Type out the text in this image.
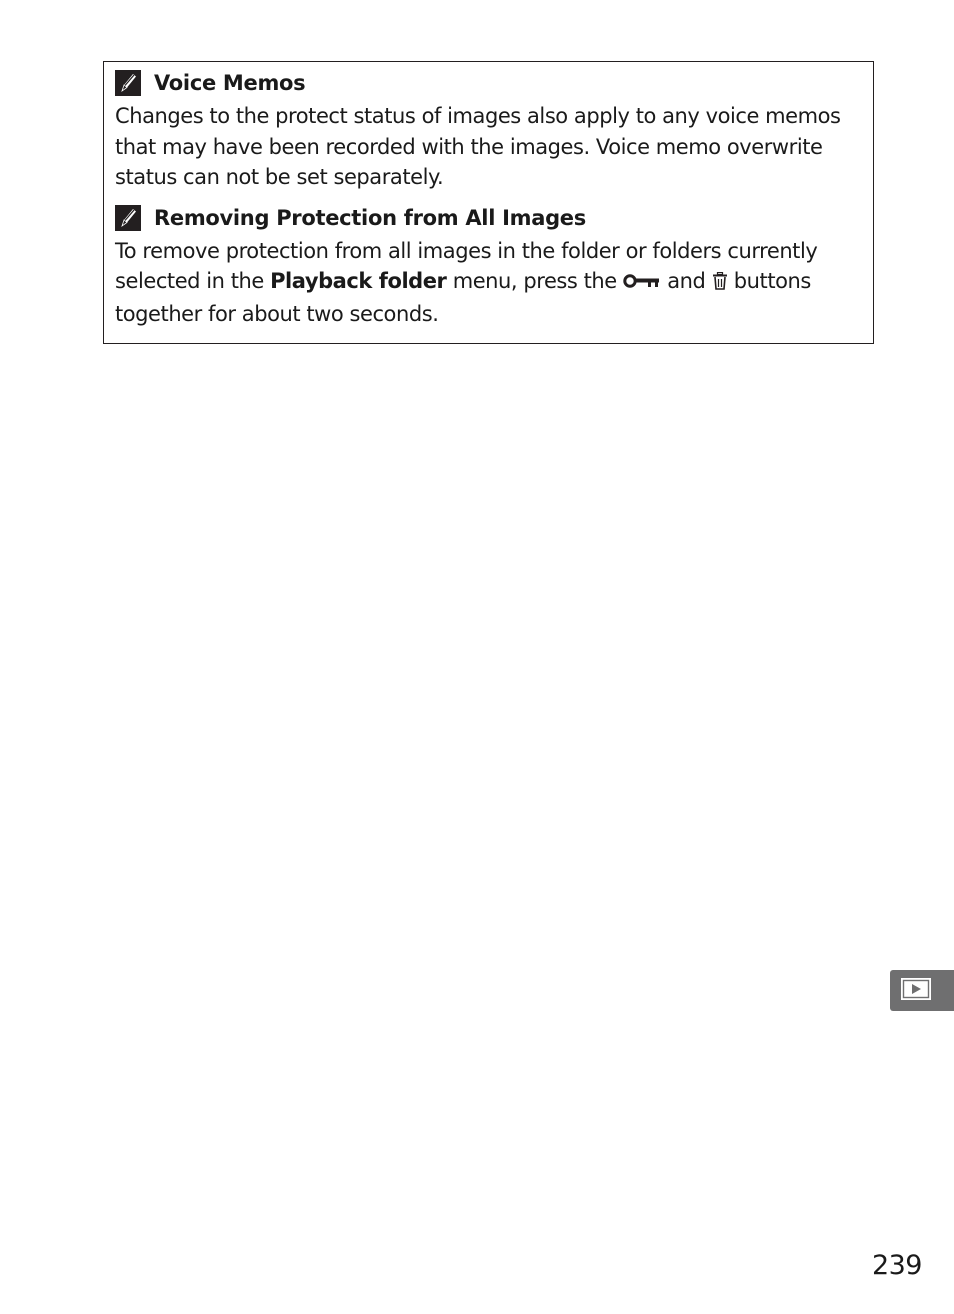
Voice Memos

Changes to the protect status of images also apply to any voice memos that may have been recorded with the images. Voice memo overwrite status can not be set separately.

Removing Protection from All Images

To remove protection from all images in the folder or folders currently selected in the Playback folder menu, press the  and  buttons together for about two seconds.

239
